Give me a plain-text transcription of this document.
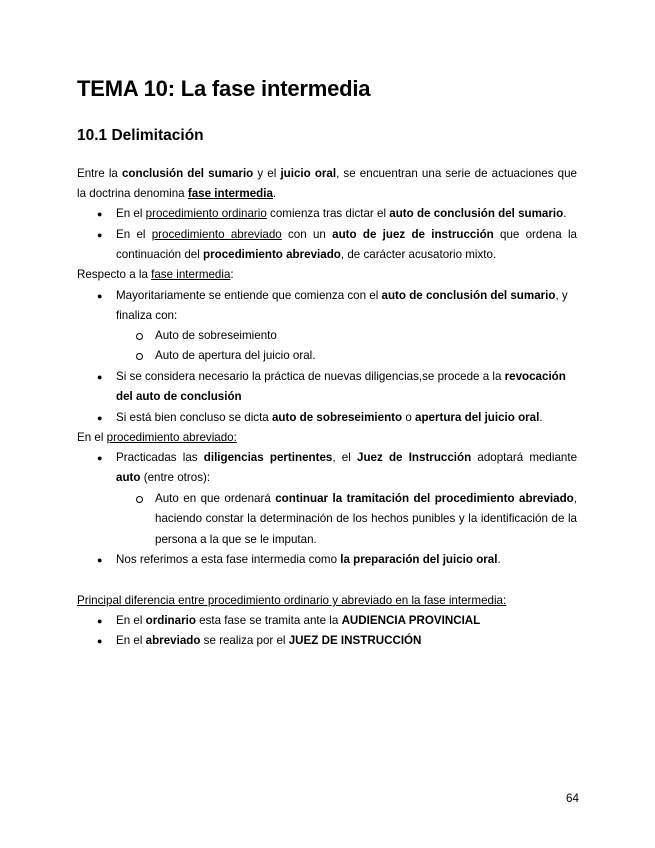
TEMA 10: La fase intermedia
10.1 Delimitación
Entre la conclusión del sumario y el juicio oral, se encuentran una serie de actuaciones que
la doctrina denomina fase intermedia.
● En el procedimiento ordinario comienza tras dictar el auto de conclusión del sumario.
● En el procedimiento abreviado con un auto de juez de instrucción que ordena la
continuación del procedimiento abreviado, de carácter acusatorio mixto.
Respecto a la fase intermedia:
● Mayoritariamente se entiende que comienza con el auto de conclusión del sumario, y
finaliza con:
Auto de sobreseimiento
Auto de apertura del juicio oral.
● Si se considera necesario la práctica de nuevas diligencias,se procede a la revocación
del auto de conclusión
● Si está bien concluso se dicta auto de sobreseimiento o apertura del juicio oral.
En el procedimiento abreviado:
● Practicadas las diligencias pertinentes, el Juez de Instrucción adoptará mediante
auto (entre otros):
Auto en que ordenará continuar la tramitación del procedimiento abreviado,
haciendo constar la determinación de los hechos punibles y la identificación de la
persona a la que se le imputan.
● Nos referimos a esta fase intermedia como la preparación del juicio oral.
Principal diferencia entre procedimiento ordinario y abreviado en la fase intermedia:
● En el ordinario esta fase se tramita ante la AUDIENCIA PROVINCIAL
● En el abreviado se realiza por el JUEZ DE INSTRUCCIÓN
64
